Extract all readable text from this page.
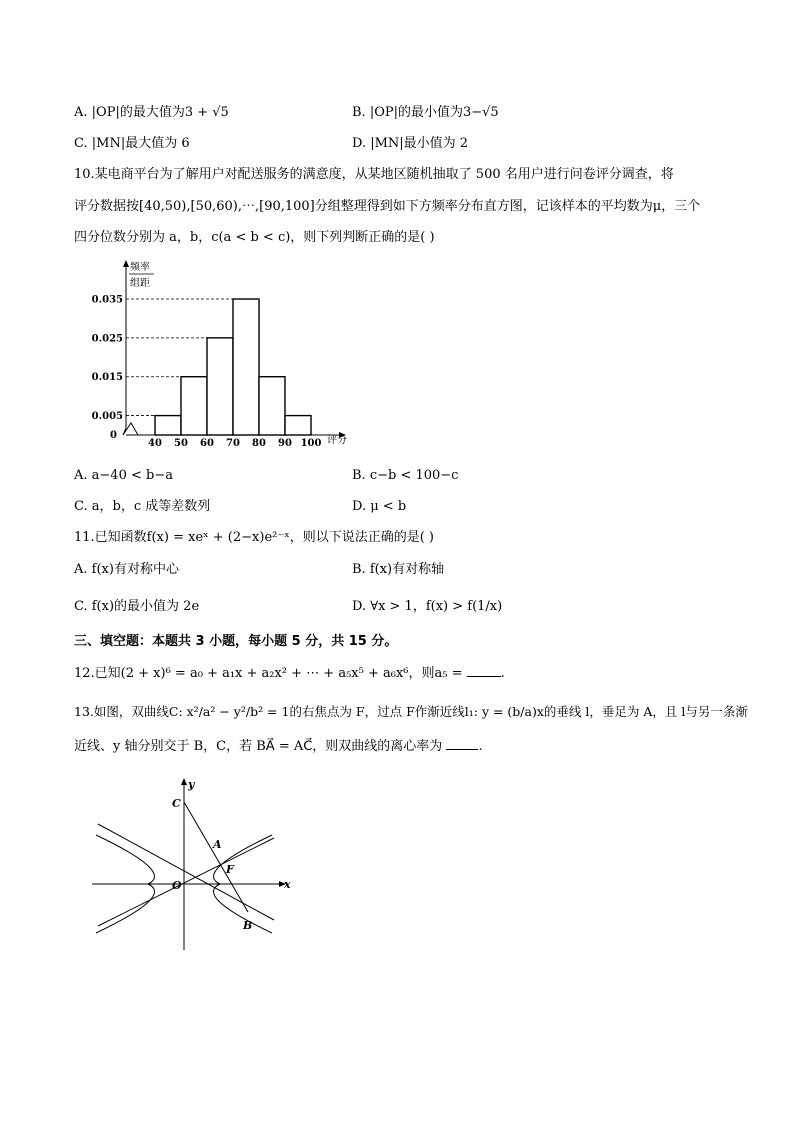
A. |OP|的最大值为3 + √5	B. |OP|的最小值为3−√5
C. |MN|最大值为 6	D. |MN|最小值为 2
10.某电商平台为了解用户对配送服务的满意度，从某地区随机抽取了 500 名用户进行问卷评分调查，将
评分数据按[40,50),[50,60),⋯,[90,100]分组整理得到如下方频率分布直方图，记该样本的平均数为μ，三个
四分位数分别为 a，b，c(a < b < c)，则下列判断正确的是( )
频率
组距
评分
0
0.005
0.015
0.025
0.035
40 50 60 70 80 90 100
A. a−40 < b−a	B. c−b < 100−c
C. a，b，c 成等差数列	D. μ < b
11.已知函数f(x) = xeˣ + (2−x)e²⁻ˣ，则以下说法正确的是( )
A. f(x)有对称中心	B. f(x)有对称轴
C. f(x)的最小值为 2e	D. ∀x > 1，f(x) > f(1/x)
三、填空题：本题共 3 小题，每小题 5 分，共 15 分。
12.已知(2 + x)⁶ = a₀ + a₁x + a₂x² + ⋯ + a₅x⁵ + a₆x⁶，则a₅ =	.
13.如图，双曲线C: x²/a² − y²/b² = 1的右焦点为 F，过点 F作渐近线l₁: y = (b/a)x的垂线 l，垂足为 A，且 l与另一条渐
近线、y 轴分别交于 B，C，若 BA⃗ = AC⃗，则双曲线的离心率为	.
y
x
O
C
A
F
B
